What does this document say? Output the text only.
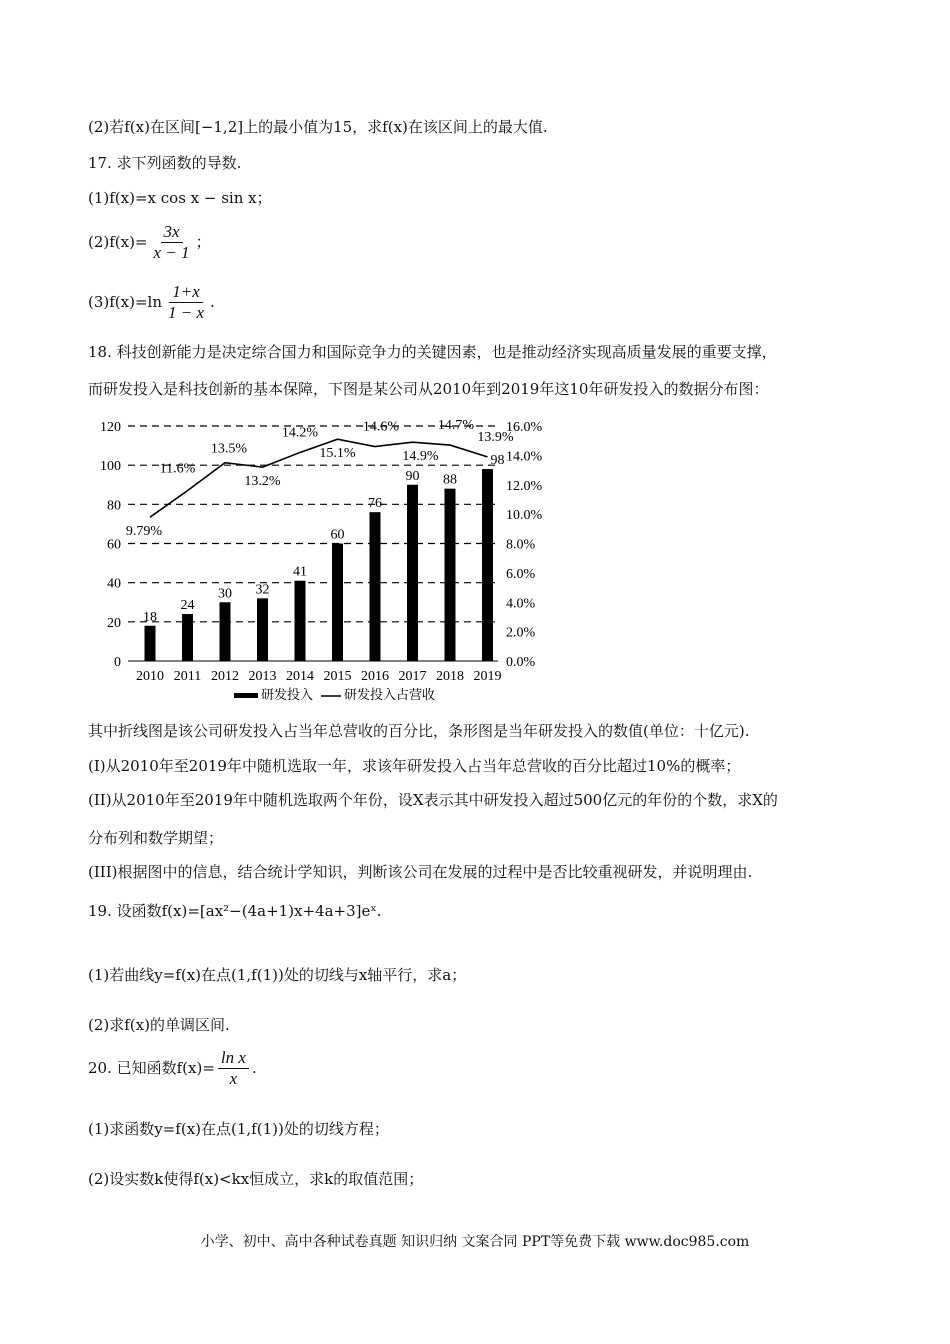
(2)若f(x)在区间[−1,2]上的最小值为15，求f(x)在该区间上的最大值.
17. 求下列函数的导数.
(1)f(x)=x cos x − sin x；
$(2)f(x)= \frac{3x}{x - 1}$ ；
$(3)f(x)=\ln \frac{1+x}{1 - x}$ .
18. 科技创新能力是决定综合国力和国际竞争力的关键因素，也是推动经济实现高质量发展的重要支撑，
而研发投入是科技创新的基本保障，下图是某公司从2010年到2019年这10年研发投入的数据分布图：
0
20
40
60
80
100
120
0.0%
2.0%
4.0%
6.0%
8.0%
10.0%
12.0%
14.0%
16.0%
18
24
30 32
41
60
76
90 88
98
2010 2011 2012 2013 2014 2015 2016 2017 2018 2019
9.79%
11.6%
13.5%
13.2%
14.2%
15.1%
14.6%
14.9%
14.7%
13.9%
研发投入 研发投入占营收
其中折线图是该公司研发投入占当年总营收的百分比，条形图是当年研发投入的数值(单位：十亿元).
(I)从2010年至2019年中随机选取一年，求该年研发投入占当年总营收的百分比超过10%的概率；
(II)从2010年至2019年中随机选取两个年份，设X表示其中研发投入超过500亿元的年份的个数，求X的
分布列和数学期望；
(III)根据图中的信息，结合统计学知识，判断该公司在发展的过程中是否比较重视研发，并说明理由.
19. 设函数f(x)=[ax²−(4a+1)x+4a+3]eˣ.
(1)若曲线y=f(x)在点(1,f(1))处的切线与x轴平行，求a；
(2)求f(x)的单调区间.
20. 已知函数$f(x)= \frac{\text{ln x}}{x}$ .
(1)求函数y=f(x)在点(1,f(1))处的切线方程；
(2)设实数k使得f(x)<kx恒成立，求k的取值范围；
小学、初中、高中各种试卷真题 知识归纳 文案合同 PPT等免费下载 www.doc985.com
